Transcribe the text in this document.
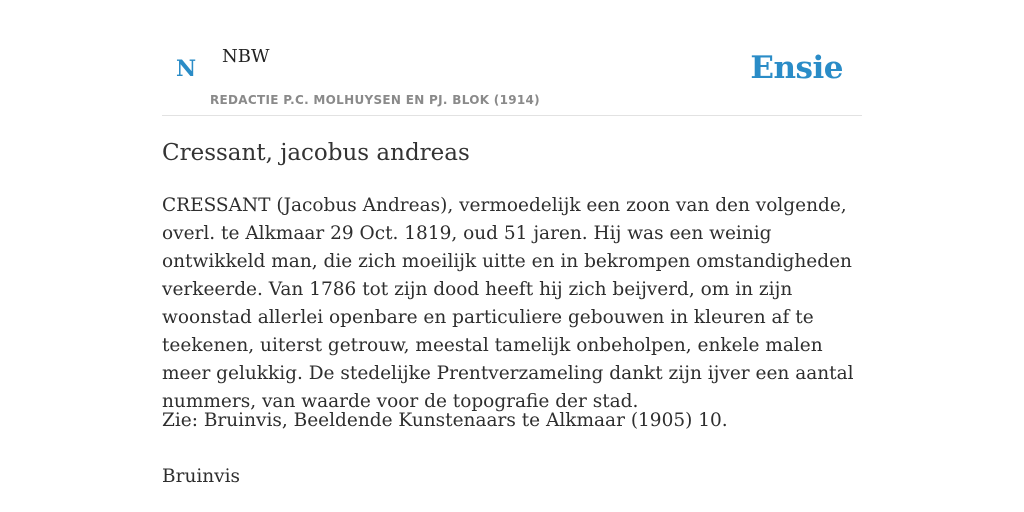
N NBW
REDACTIE P.C. MOLHUYSEN EN PJ. BLOK (1914)
Ensie
Cressant, jacobus andreas

CRESSANT (Jacobus Andreas), vermoedelijk een zoon van den volgende, overl. te Alkmaar 29 Oct. 1819, oud 51 jaren. Hij was een weinig ontwikkeld man, die zich moeilijk uitte en in bekrompen omstandigheden verkeerde. Van 1786 tot zijn dood heeft hij zich beijverd, om in zijn woonstad allerlei openbare en particuliere gebouwen in kleuren af te teekenen, uiterst getrouw, meestal tamelijk onbeholpen, enkele malen meer gelukkig. De stedelijke Prentverzameling dankt zijn ijver een aantal nummers, van waarde voor de topografie der stad.

Zie: Bruinvis, Beeldende Kunstenaars te Alkmaar (1905) 10.
Bruinvis
